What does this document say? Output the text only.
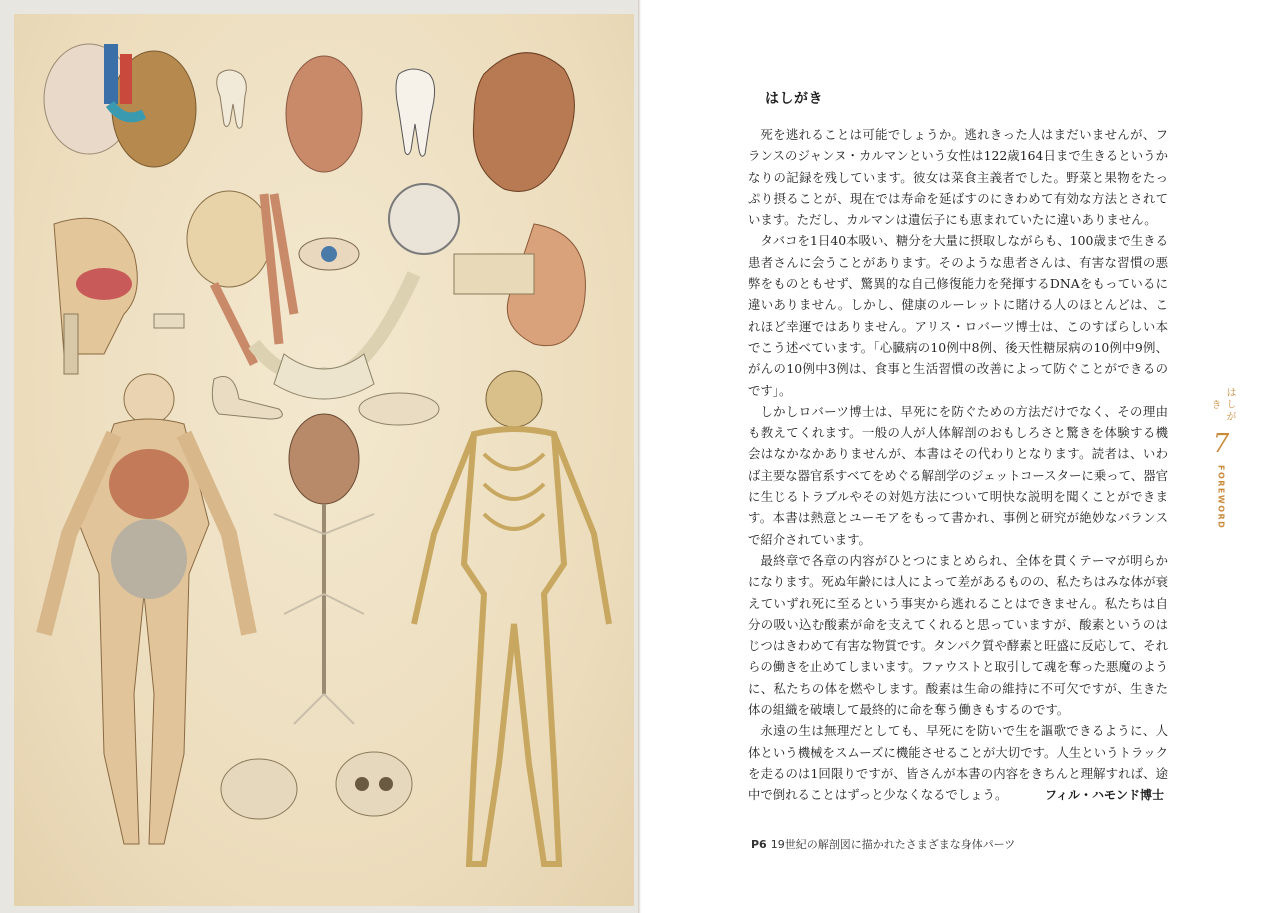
はしがき

死を逃れることは可能でしょうか。逃れきった人はまだいませんが、フランスのジャンヌ・カルマンという女性は122歳164日まで生きるというかなりの記録を残しています。彼女は菜食主義者でした。野菜と果物をたっぷり摂ることが、現在では寿命を延ばすのにきわめて有効な方法とされています。ただし、カルマンは遺伝子にも恵まれていたに違いありません。

タバコを1日40本吸い、糖分を大量に摂取しながらも、100歳まで生きる患者さんに会うことがあります。そのような患者さんは、有害な習慣の悪弊をものともせず、驚異的な自己修復能力を発揮するDNAをもっているに違いありません。しかし、健康のルーレットに賭ける人のほとんどは、これほど幸運ではありません。アリス・ロバーツ博士は、このすばらしい本でこう述べています。「心臓病の10例中8例、後天性糖尿病の10例中9例、がんの10例中3例は、食事と生活習慣の改善によって防ぐことができるのです」。

しかしロバーツ博士は、早死にを防ぐための方法だけでなく、その理由も教えてくれます。一般の人が人体解剖のおもしろさと驚きを体験する機会はなかなかありませんが、本書はその代わりとなります。読者は、いわば主要な器官系すべてをめぐる解剖学のジェットコースターに乗って、器官に生じるトラブルやその対処方法について明快な説明を聞くことができます。本書は熱意とユーモアをもって書かれ、事例と研究が絶妙なバランスで紹介されています。

最終章で各章の内容がひとつにまとめられ、全体を貫くテーマが明らかになります。死ぬ年齢には人によって差があるものの、私たちはみな体が衰えていずれ死に至るという事実から逃れることはできません。私たちは自分の吸い込む酸素が命を支えてくれると思っていますが、酸素というのはじつはきわめて有害な物質です。タンパク質や酵素と旺盛に反応して、それらの働きを止めてしまいます。ファウストと取引して魂を奪った悪魔のように、私たちの体を燃やします。酸素は生命の維持に不可欠ですが、生きた体の組織を破壊して最終的に命を奪う働きもするのです。

永遠の生は無理だとしても、早死にを防いで生を謳歌できるように、人体という機械をスムーズに機能させることが大切です。人生というトラックを走るのは1回限りですが、皆さんが本書の内容をきちんと理解すれば、途中で倒れることはずっと少なくなるでしょう。	フィル・ハモンド博士
P6 19世紀の解剖図に描かれたさまざまな身体パーツ
はしがき
7
FOREWORD
